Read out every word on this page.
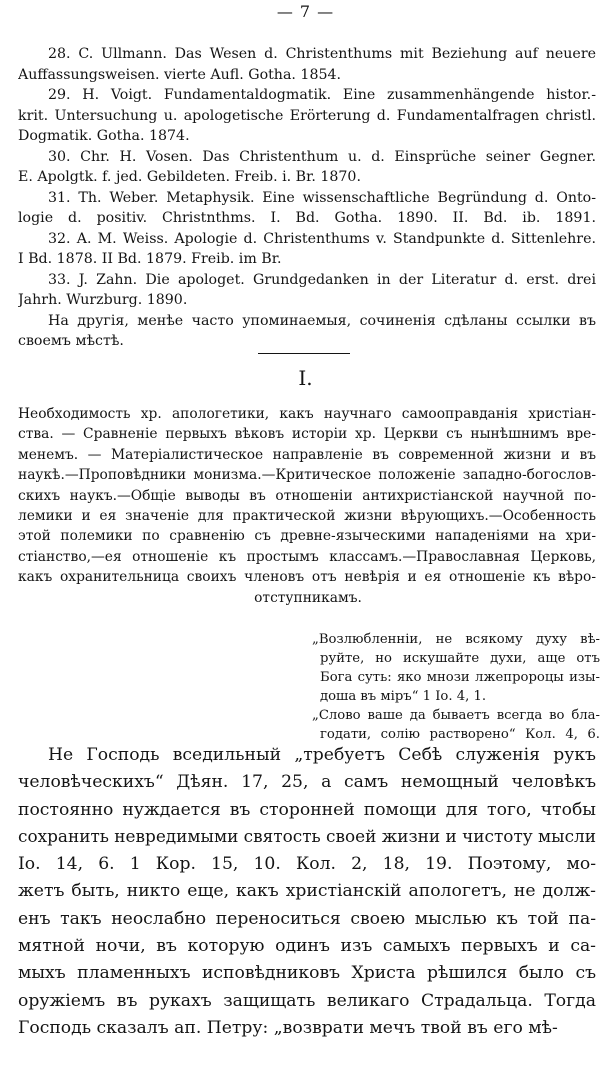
— 7 —
28. C. Ullmann. Das Wesen d. Christenthums mit Beziehung auf neuere
Auffassungsweisen. vierte Aufl. Gotha. 1854.
29. H. Voigt. Fundamentaldogmatik. Eine zusammenhängende histor.-
krit. Untersuchung u. apologetische Erörterung d. Fundamentalfragen christl.
Dogmatik. Gotha. 1874.
30. Chr. H. Vosen. Das Christenthum u. d. Einsprüche seiner Gegner.
E. Apolgtk. f. jed. Gebildeten. Freib. i. Br. 1870.
31. Th. Weber. Metaphysik. Eine wissenschaftliche Begründung d. Onto-
logie d. positiv. Christnthms. I. Bd. Gotha. 1890. II. Bd. ib. 1891.
32. A. M. Weiss. Apologie d. Christenthums v. Standpunkte d. Sittenlehre.
I Bd. 1878. II Bd. 1879. Freib. im Br.
33. J. Zahn. Die apologet. Grundgedanken in der Literatur d. erst. drei
Jahrh. Wurzburg. 1890.
На другія, менѣе часто упоминаемыя, сочиненія сдѣланы ссылки въ
своемъ мѣстѣ.
I.
Необходимость хр. апологетики, какъ научнаго самооправданія христіан-
ства. — Сравненіе первыхъ вѣковъ исторіи хр. Церкви съ нынѣшнимъ вре-
менемъ. — Матеріалистическое направленіе въ современной жизни и въ
наукѣ.—Проповѣдники монизма.—Критическое положеніе западно-богослов-
скихъ наукъ.—Общіе выводы въ отношеніи антихристіанской научной по-
лемики и ея значеніе для практической жизни вѣрующихъ.—Особенность
этой полемики по сравненію съ древне-языческими нападеніями на хри-
стіанство,—ея отношеніе къ простымъ классамъ.—Православная Церковь,
какъ охранительница своихъ членовъ отъ невѣрія и ея отношеніе къ вѣро-
отступникамъ.
„Возлюбленніи, не всякому духу вѣ-
руйте, но искушайте духи, аще отъ
Бога суть: яко мнози лжепророцы изы-
доша въ міръ“ 1 Іо. 4, 1.
„Слово ваше да бываетъ всегда во бла-
годати, солію растворено“ Кол. 4, 6.
Не Господь вседильный „требуетъ Себѣ служенія рукъ
человѣческихъ“ Дѣян. 17, 25, а самъ немощный человѣкъ
постоянно нуждается въ сторонней помощи для того, чтобы
сохранить невредимыми святость своей жизни и чистоту мысли
Іо. 14, 6. 1 Кор. 15, 10. Кол. 2, 18, 19. Поэтому, мо-
жетъ быть, никто еще, какъ христіанскій апологетъ, не долж-
енъ такъ неослабно переноситься своею мыслью къ той па-
мятной ночи, въ которую одинъ изъ самыхъ первыхъ и са-
мыхъ пламенныхъ исповѣдниковъ Христа рѣшился было съ
оружіемъ въ рукахъ защищать великаго Страдальца. Тогда
Господь сказалъ ап. Петру: „возврати мечъ твой въ его мѣ-
